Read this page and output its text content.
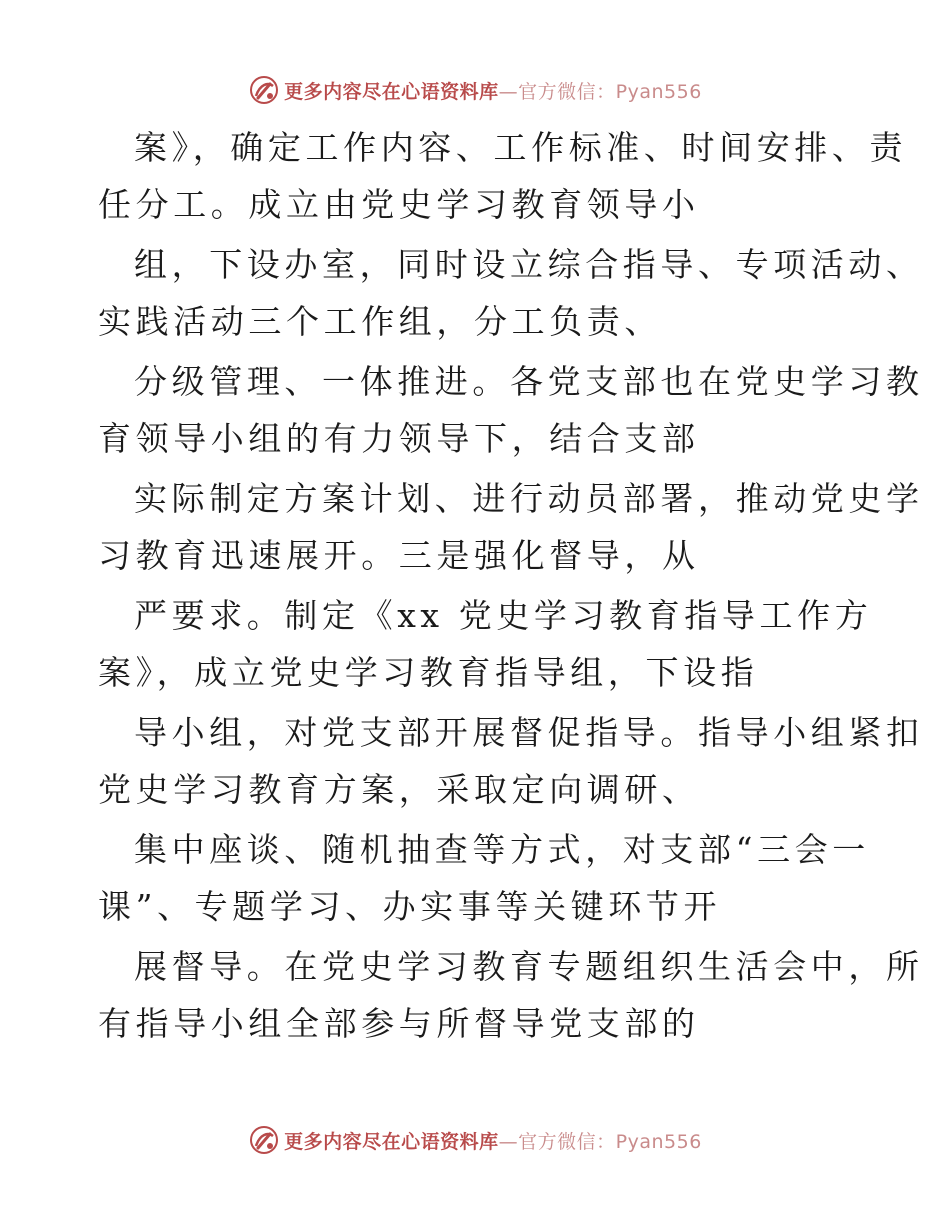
更多内容尽在心语资料库—官方微信：Pyan556
案》，确定工作内容、工作标准、时间安排、责
任分工。成立由党史学习教育领导小
组，下设办室，同时设立综合指导、专项活动、
实践活动三个工作组，分工负责、
分级管理、一体推进。各党支部也在党史学习教
育领导小组的有力领导下，结合支部
实际制定方案计划、进行动员部署，推动党史学
习教育迅速展开。三是强化督导，从
严要求。制定《xx 党史学习教育指导工作方
案》，成立党史学习教育指导组，下设指
导小组，对党支部开展督促指导。指导小组紧扣
党史学习教育方案，采取定向调研、
集中座谈、随机抽查等方式，对支部“三会一
课”、专题学习、办实事等关键环节开
展督导。在党史学习教育专题组织生活会中，所
有指导小组全部参与所督导党支部的
更多内容尽在心语资料库—官方微信：Pyan556
